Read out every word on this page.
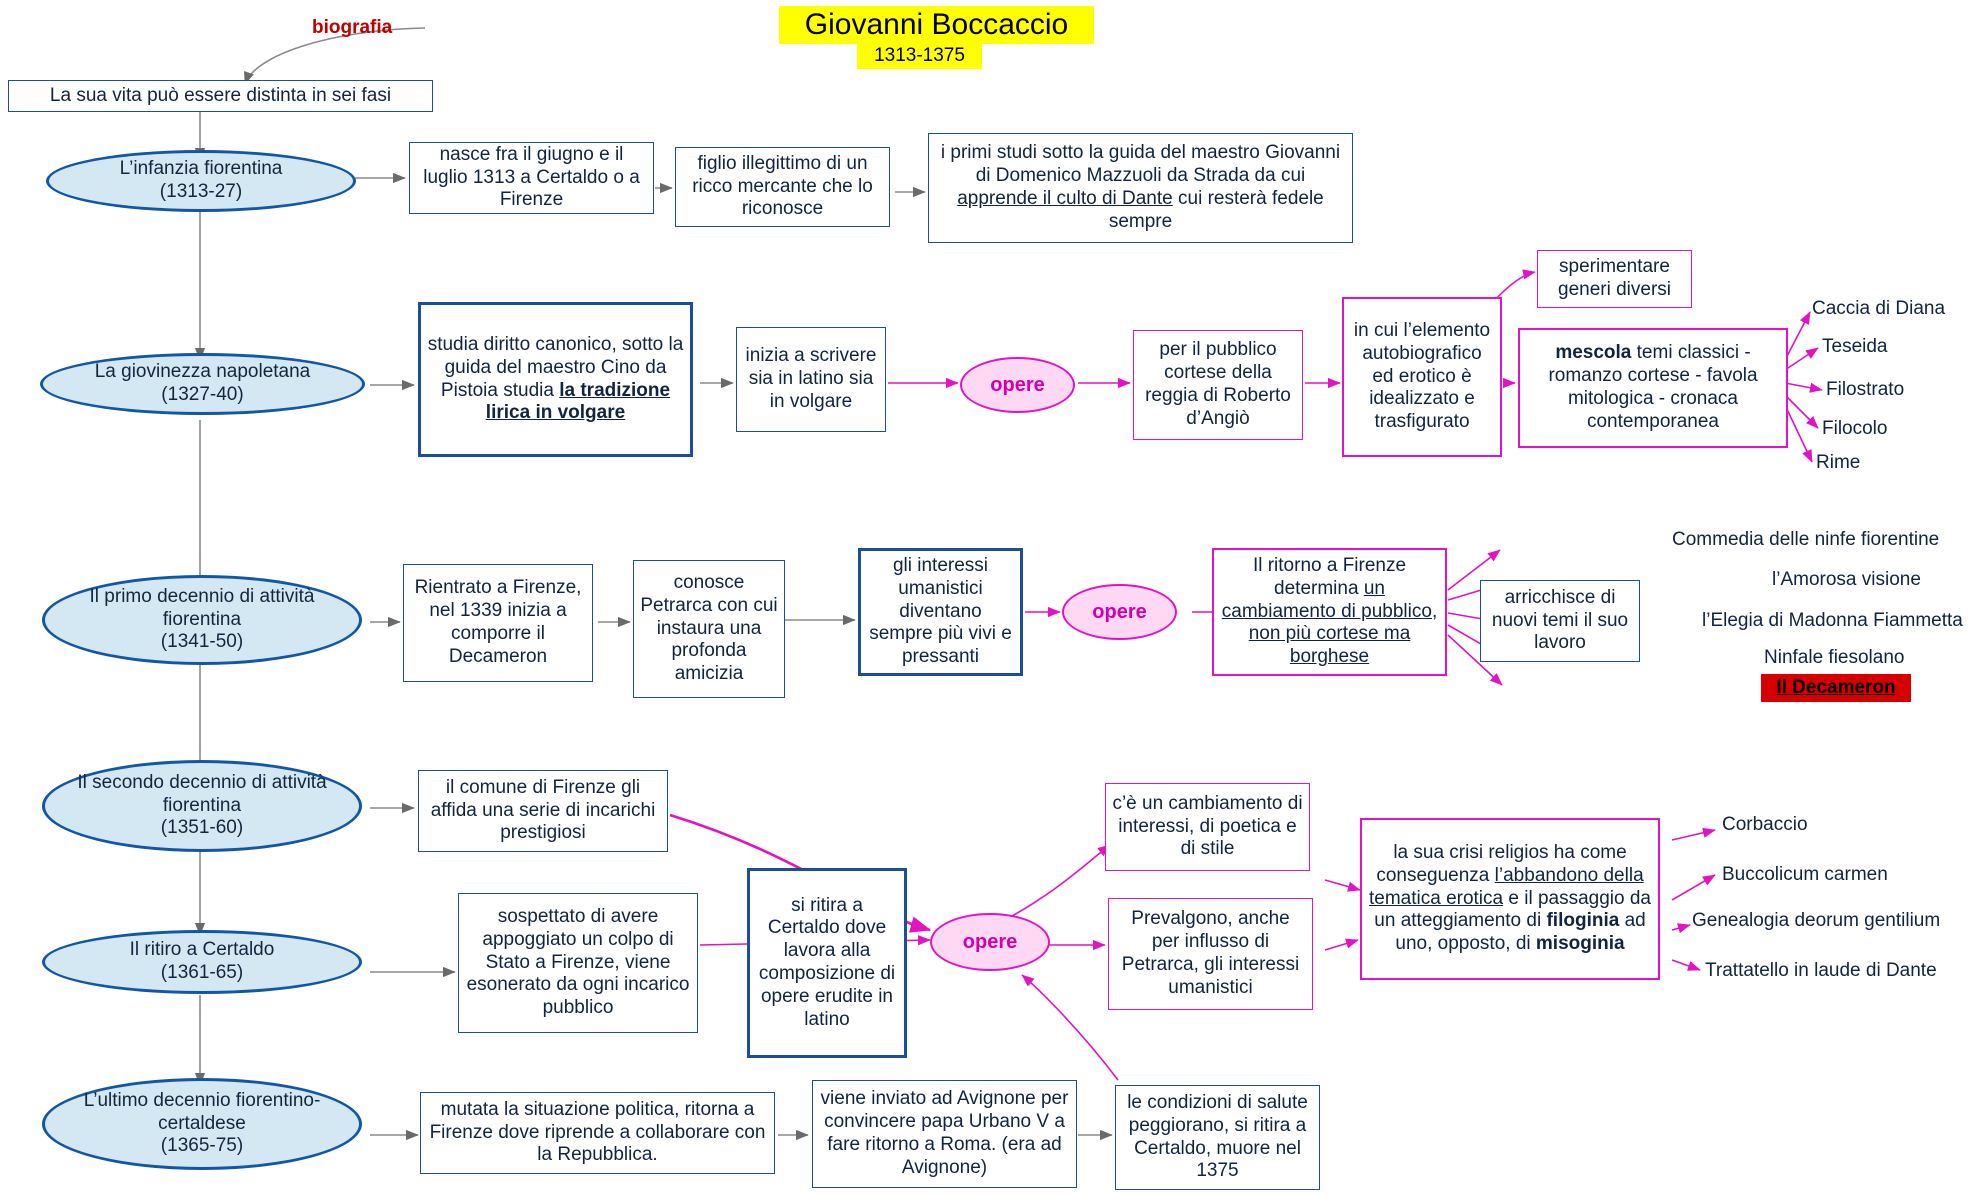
Giovanni Boccaccio
1313-1375
biografia
La sua vita può essere distinta in sei fasi
L’infanzia fiorentina
(1313-27)
La giovinezza napoletana
(1327-40)
Il primo decennio di attività fiorentina
(1341-50)
Il secondo decennio di attività fiorentina
(1351-60)
Il ritiro a Certaldo
(1361-65)
L’ultimo decennio fiorentino-certaldese
(1365-75)
nasce fra il giugno e il luglio 1313 a Certaldo o a Firenze
figlio illegittimo di un ricco mercante che lo riconosce
i primi studi sotto la guida del maestro Giovanni di Domenico Mazzuoli da Strada da cui apprende il culto di Dante cui resterà fedele sempre
studia diritto canonico, sotto la guida del maestro Cino da Pistoia studia la tradizione lirica in volgare
inizia a scrivere sia in latino sia in volgare
opere
per il pubblico cortese della reggia di Roberto d’Angiò
in cui l’elemento autobiografico ed erotico è idealizzato e trasfigurato
sperimentare generi diversi
mescola temi classici - romanzo cortese - favola mitologica - cronaca contemporanea
Caccia di Diana
Teseida
Filostrato
Filocolo
Rime
Rientrato a Firenze, nel 1339 inizia a comporre il Decameron
conosce Petrarca con cui instaura una profonda amicizia
gli interessi umanistici diventano sempre più vivi e pressanti
opere
Il ritorno a Firenze determina un cambiamento di pubblico, non più cortese ma borghese
arricchisce di nuovi temi il suo lavoro
Commedia delle ninfe fiorentine
l’Amorosa visione
l’Elegia di Madonna Fiammetta
Ninfale fiesolano
Il Decameron
il comune di Firenze gli affida una serie di incarichi prestigiosi
sospettato di avere appoggiato un colpo di Stato a Firenze, viene esonerato da ogni incarico pubblico
si ritira a Certaldo dove lavora alla composizione di opere erudite in latino
opere
c’è un cambiamento di interessi, di poetica e di stile
Prevalgono, anche per influsso di Petrarca, gli interessi umanistici
la sua crisi religios ha come conseguenza l’abbandono della tematica erotica e il passaggio da un atteggiamento di filoginia ad uno, opposto, di misoginia
Corbaccio
Buccolicum carmen
Genealogia deorum gentilium
Trattatello in laude di Dante
mutata la situazione politica, ritorna a Firenze dove riprende a collaborare con la Repubblica.
viene inviato ad Avignone per convincere papa Urbano V a fare ritorno a Roma. (era ad Avignone)
le condizioni di salute peggiorano, si ritira a Certaldo, muore nel 1375
